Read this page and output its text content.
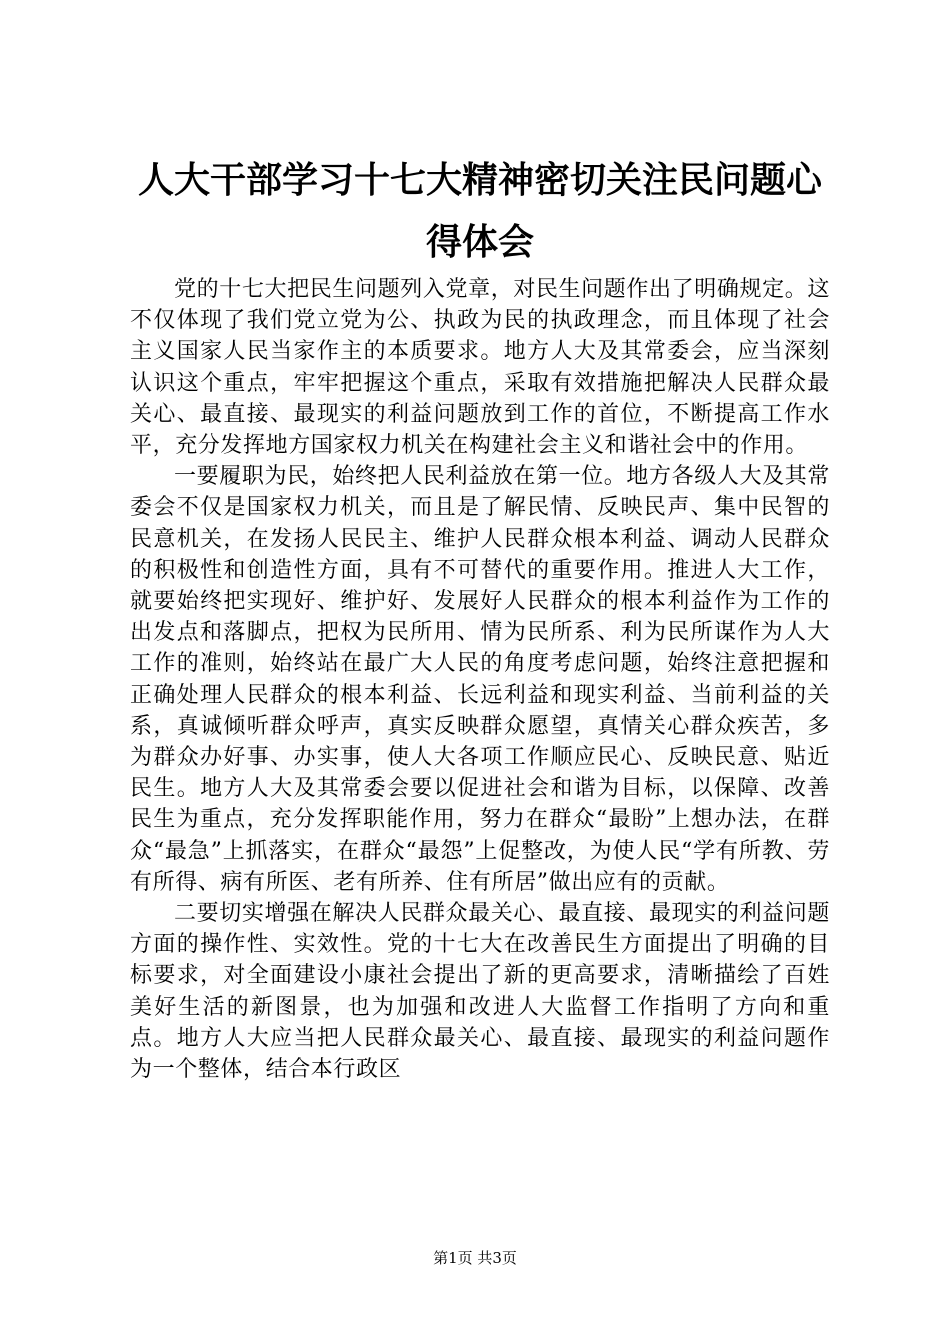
人大干部学习十七大精神密切关注民问题心得体会

党的十七大把民生问题列入党章，对民生问题作出了明确规定。这不仅体现了我们党立党为公、执政为民的执政理念，而且体现了社会主义国家人民当家作主的本质要求。地方人大及其常委会，应当深刻认识这个重点，牢牢把握这个重点，采取有效措施把解决人民群众最关心、最直接、最现实的利益问题放到工作的首位，不断提高工作水平，充分发挥地方国家权力机关在构建社会主义和谐社会中的作用。

一要履职为民，始终把人民利益放在第一位。地方各级人大及其常委会不仅是国家权力机关，而且是了解民情、反映民声、集中民智的民意机关，在发扬人民民主、维护人民群众根本利益、调动人民群众的积极性和创造性方面，具有不可替代的重要作用。推进人大工作，就要始终把实现好、维护好、发展好人民群众的根本利益作为工作的出发点和落脚点，把权为民所用、情为民所系、利为民所谋作为人大工作的准则，始终站在最广大人民的角度考虑问题，始终注意把握和正确处理人民群众的根本利益、长远利益和现实利益、当前利益的关系，真诚倾听群众呼声，真实反映群众愿望，真情关心群众疾苦，多为群众办好事、办实事，使人大各项工作顺应民心、反映民意、贴近民生。地方人大及其常委会要以促进社会和谐为目标，以保障、改善民生为重点，充分发挥职能作用，努力在群众“最盼”上想办法，在群众“最急”上抓落实，在群众“最怨”上促整改，为使人民“学有所教、劳有所得、病有所医、老有所养、住有所居”做出应有的贡献。

二要切实增强在解决人民群众最关心、最直接、最现实的利益问题方面的操作性、实效性。党的十七大在改善民生方面提出了明确的目标要求，对全面建设小康社会提出了新的更高要求，清晰描绘了百姓美好生活的新图景，也为加强和改进人大监督工作指明了方向和重点。地方人大应当把人民群众最关心、最直接、最现实的利益问题作为一个整体，结合本行政区

第1页 共3页
